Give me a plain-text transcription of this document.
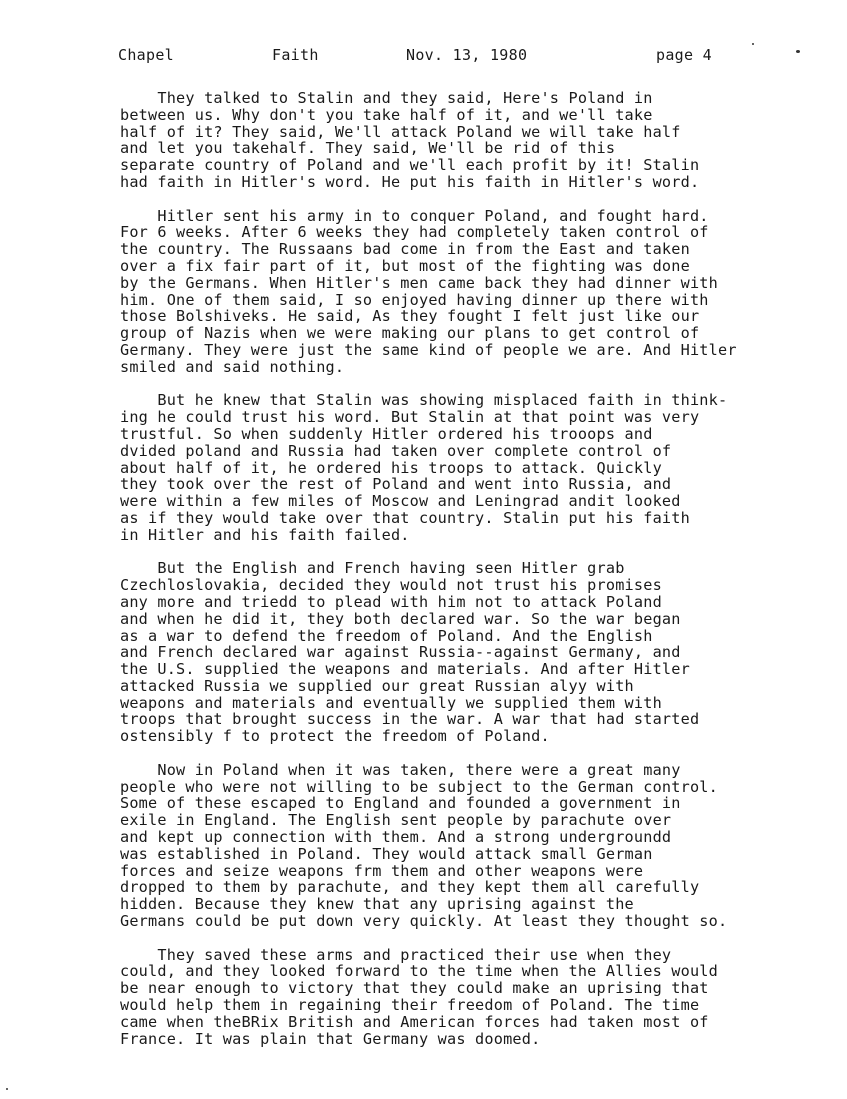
Chapel	Faith	Nov. 13, 1980	page 4

They talked to Stalin and they said, Here's Poland in
between us. Why don't you take half of it, and we'll take
half of it? They said, We'll attack Poland we will take half
and let you takehalf. They said, We'll be rid of this
separate country of Poland and we'll each profit by it! Stalin
had faith in Hitler's word. He put his faith in Hitler's word.

Hitler sent his army in to conquer Poland, and fought hard.
For 6 weeks. After 6 weeks they had completely taken control of
the country. The Russaans bad come in from the East and taken
over a fix fair part of it, but most of the fighting was done
by the Germans. When Hitler's men came back they had dinner with
him. One of them said, I so enjoyed having dinner up there with
those Bolshiveks. He said, As they fought I felt just like our
group of Nazis when we were making our plans to get control of
Germany. They were just the same kind of people we are. And Hitler
smiled and said nothing.

But he knew that Stalin was showing misplaced faith in think-
ing he could trust his word. But Stalin at that point was very
trustful. So when suddenly Hitler ordered his trooops and
dvided poland and Russia had taken over complete control of
about half of it, he ordered his troops to attack. Quickly
they took over the rest of Poland and went into Russia, and
were within a few miles of Moscow and Leningrad andit looked
as if they would take over that country. Stalin put his faith
in Hitler and his faith failed.

But the English and French having seen Hitler grab
Czechloslovakia, decided they would not trust his promises
any more and triedd to plead with him not to attack Poland
and when he did it, they both declared war. So the war began
as a war to defend the freedom of Poland. And the English
and French declared war against Russia--against Germany, and
the U.S. supplied the weapons and materials. And after Hitler
attacked Russia we supplied our great Russian alyy with
weapons and materials and eventually we supplied them with
troops that brought success in the war. A war that had started
ostensibly f to protect the freedom of Poland.

Now in Poland when it was taken, there were a great many
people who were not willing to be subject to the German control.
Some of these escaped to England and founded a government in
exile in England. The English sent people by parachute over
and kept up connection with them. And a strong undergroundd
was established in Poland. They would attack small German
forces and seize weapons frm them and other weapons were
dropped to them by parachute, and they kept them all carefully
hidden. Because they knew that any uprising against the
Germans could be put down very quickly. At least they thought so.

They saved these arms and practiced their use when they
could, and they looked forward to the time when the Allies would
be near enough to victory that they could make an uprising that
would help them in regaining their freedom of Poland. The time
came when theBRix British and American forces had taken most of
France. It was plain that Germany was doomed.
